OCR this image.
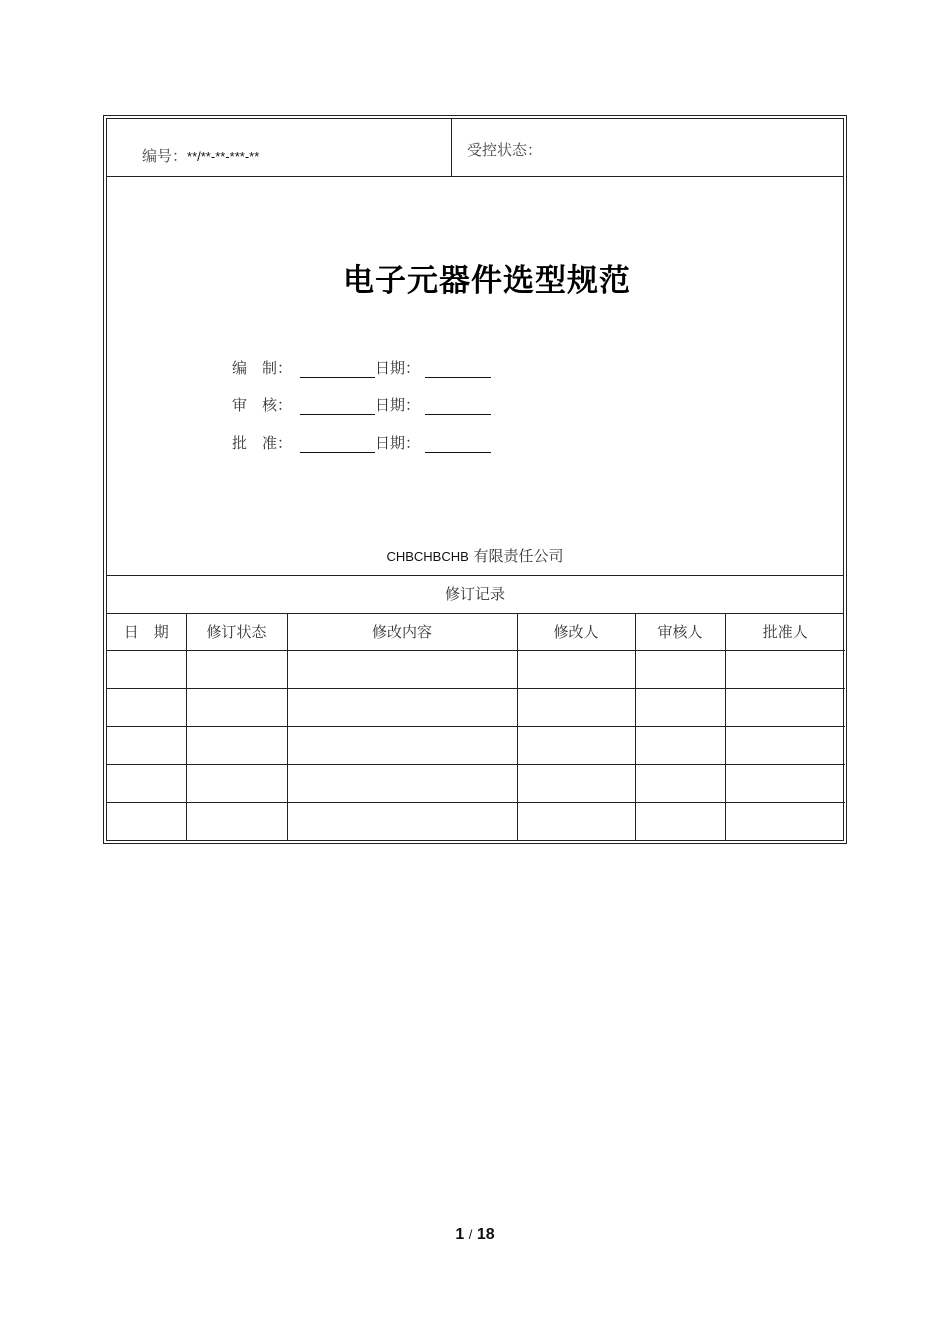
编号：**/**-**-***-**	受控状态：
电子元器件选型规范
编　制：	日期：
审　核：	日期：
批　准：	日期：
CHBCHBCHB 有限责任公司
修订记录
日　期	修订状态	修改内容	修改人	审核人	批准人

1 / 18
